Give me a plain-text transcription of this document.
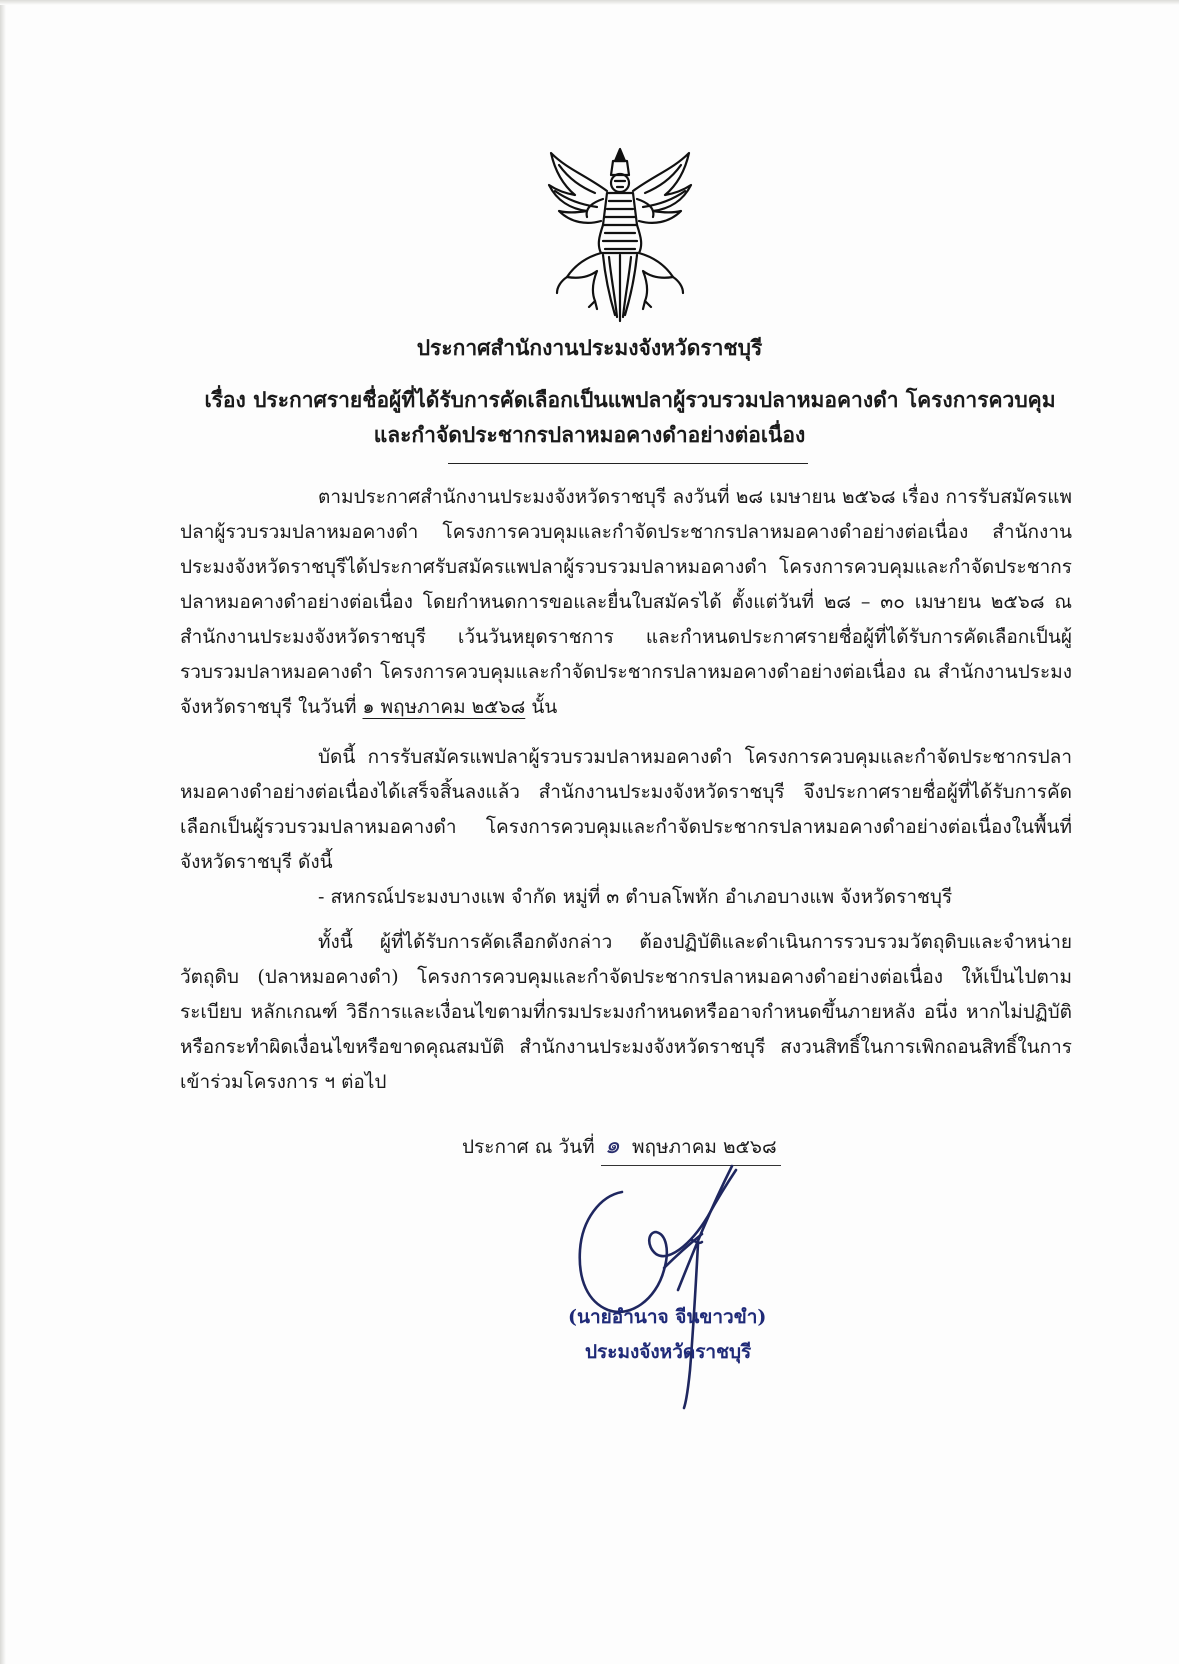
ประกาศสำนักงานประมงจังหวัดราชบุรี
เรื่อง ประกาศรายชื่อผู้ที่ได้รับการคัดเลือกเป็นแพปลาผู้รวบรวมปลาหมอคางดำ โครงการควบคุม
และกำจัดประชากรปลาหมอคางดำอย่างต่อเนื่อง
ตามประกาศสำนักงานประมงจังหวัดราชบุรี ลงวันที่ ๒๘ เมษายน ๒๕๖๘ เรื่อง การรับสมัครแพปลาผู้รวบรวมปลาหมอคางดำ โครงการควบคุมและกำจัดประชากรปลาหมอคางดำอย่างต่อเนื่อง สำนักงานประมงจังหวัดราชบุรีได้ประกาศรับสมัครแพปลาผู้รวบรวมปลาหมอคางดำ โครงการควบคุมและกำจัดประชากรปลาหมอคางดำอย่างต่อเนื่อง โดยกำหนดการขอและยื่นใบสมัครได้ ตั้งแต่วันที่ ๒๘ – ๓๐ เมษายน ๒๕๖๘ ณ สำนักงานประมงจังหวัดราชบุรี เว้นวันหยุดราชการ และกำหนดประกาศรายชื่อผู้ที่ได้รับการคัดเลือกเป็นผู้รวบรวมปลาหมอคางดำ โครงการควบคุมและกำจัดประชากรปลาหมอคางดำอย่างต่อเนื่อง ณ สำนักงานประมงจังหวัดราชบุรี ในวันที่ ๑ พฤษภาคม ๒๕๖๘ นั้น
บัดนี้ การรับสมัครแพปลาผู้รวบรวมปลาหมอคางดำ โครงการควบคุมและกำจัดประชากรปลาหมอคางดำอย่างต่อเนื่องได้เสร็จสิ้นลงแล้ว สำนักงานประมงจังหวัดราชบุรี จึงประกาศรายชื่อผู้ที่ได้รับการคัดเลือกเป็นผู้รวบรวมปลาหมอคางดำ โครงการควบคุมและกำจัดประชากรปลาหมอคางดำอย่างต่อเนื่องในพื้นที่จังหวัดราชบุรี ดังนี้
- สหกรณ์ประมงบางแพ จำกัด หมู่ที่ ๓ ตำบลโพหัก อำเภอบางแพ จังหวัดราชบุรี
ทั้งนี้ ผู้ที่ได้รับการคัดเลือกดังกล่าว ต้องปฏิบัติและดำเนินการรวบรวมวัตถุดิบและจำหน่ายวัตถุดิบ (ปลาหมอคางดำ) โครงการควบคุมและกำจัดประชากรปลาหมอคางดำอย่างต่อเนื่อง ให้เป็นไปตามระเบียบ หลักเกณฑ์ วิธีการและเงื่อนไขตามที่กรมประมงกำหนดหรืออาจกำหนดขึ้นภายหลัง อนึ่ง หากไม่ปฏิบัติหรือกระทำผิดเงื่อนไขหรือขาดคุณสมบัติ สำนักงานประมงจังหวัดราชบุรี สงวนสิทธิ์ในการเพิกถอนสิทธิ์ในการเข้าร่วมโครงการ ฯ ต่อไป
ประกาศ ณ วันที่ ๑ พฤษภาคม ๒๕๖๘
(นายอำนาจ จีนขาวขำ)
ประมงจังหวัดราชบุรี
